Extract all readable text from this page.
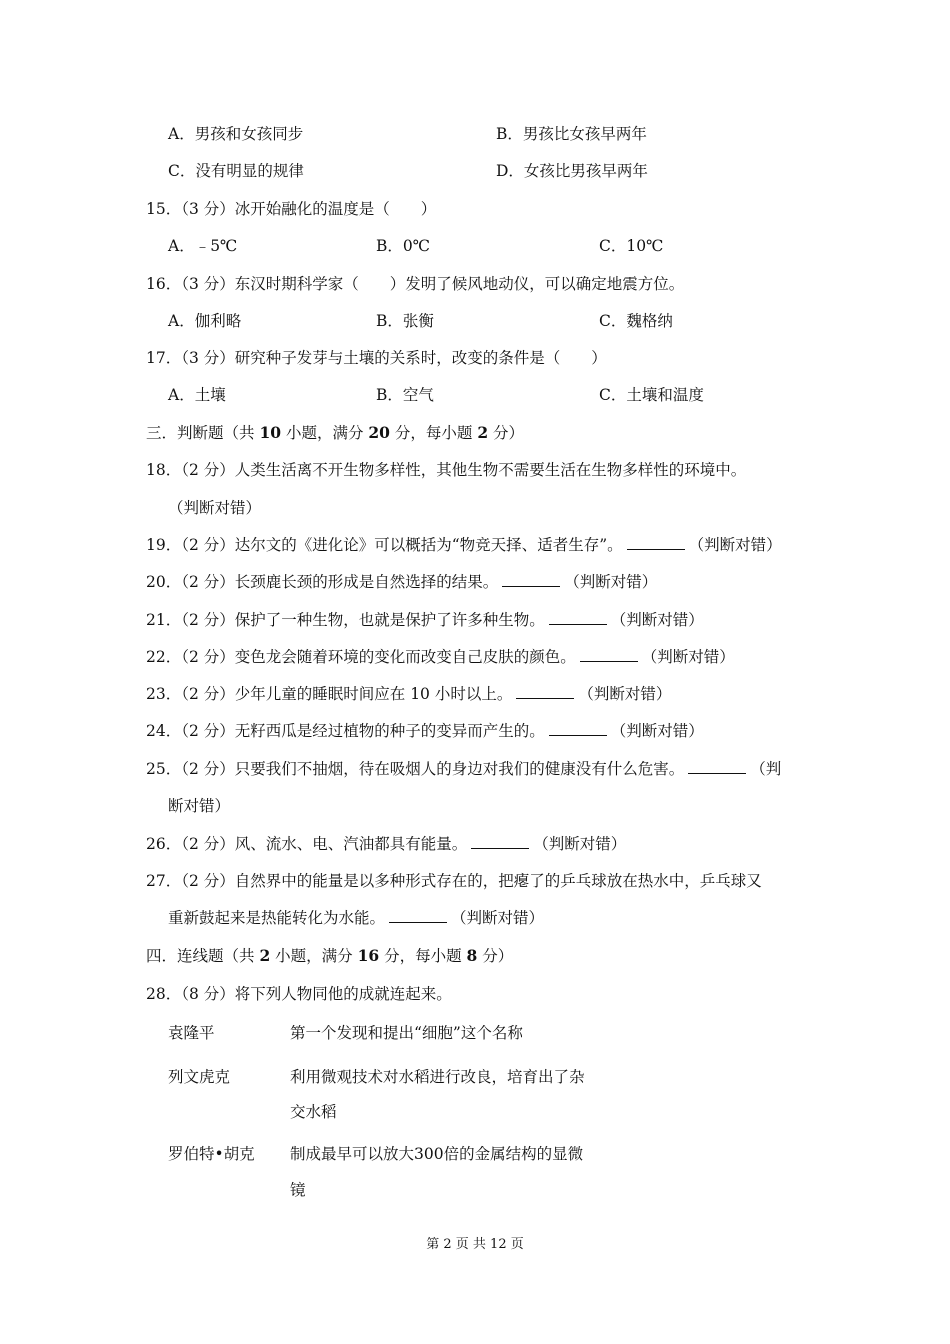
A．男孩和女孩同步	B．男孩比女孩早两年
C．没有明显的规律	D．女孩比男孩早两年
15．（3 分）冰开始融化的温度是（　　）
A．﹣5℃	B．0℃	C．10℃
16．（3 分）东汉时期科学家（　　）发明了候风地动仪，可以确定地震方位。
A．伽利略	B．张衡	C．魏格纳
17．（3 分）研究种子发芽与土壤的关系时，改变的条件是（　　）
A．土壤	B．空气	C．土壤和温度
三．判断题（共 10 小题，满分 20 分，每小题 2 分）
18．（2 分）人类生活离不开生物多样性，其他生物不需要生活在生物多样性的环境中。
（判断对错）
19．（2 分）达尔文的《进化论》可以概括为“物竞天择、适者生存”。	（判断对错）
20．（2 分）长颈鹿长颈的形成是自然选择的结果。	（判断对错）
21．（2 分）保护了一种生物，也就是保护了许多种生物。	（判断对错）
22．（2 分）变色龙会随着环境的变化而改变自己皮肤的颜色。	（判断对错）
23．（2 分）少年儿童的睡眠时间应在 10 小时以上。	（判断对错）
24．（2 分）无籽西瓜是经过植物的种子的变异而产生的。	（判断对错）
25．（2 分）只要我们不抽烟，待在吸烟人的身边对我们的健康没有什么危害。	（判
断对错）
26．（2 分）风、流水、电、汽油都具有能量。	（判断对错）
27．（2 分）自然界中的能量是以多种形式存在的，把瘪了的乒乓球放在热水中，乒乓球又
重新鼓起来是热能转化为水能。	（判断对错）
四．连线题（共 2 小题，满分 16 分，每小题 8 分）
28．（8 分）将下列人物同他的成就连起来。
袁隆平	第一个发现和提出“细胞”这个名称
列文虎克	利用微观技术对水稻进行改良，培育出了杂
交水稻
罗伯特•胡克 制成最早可以放大300倍的金属结构的显微
镜
第 2 页 共 12 页
